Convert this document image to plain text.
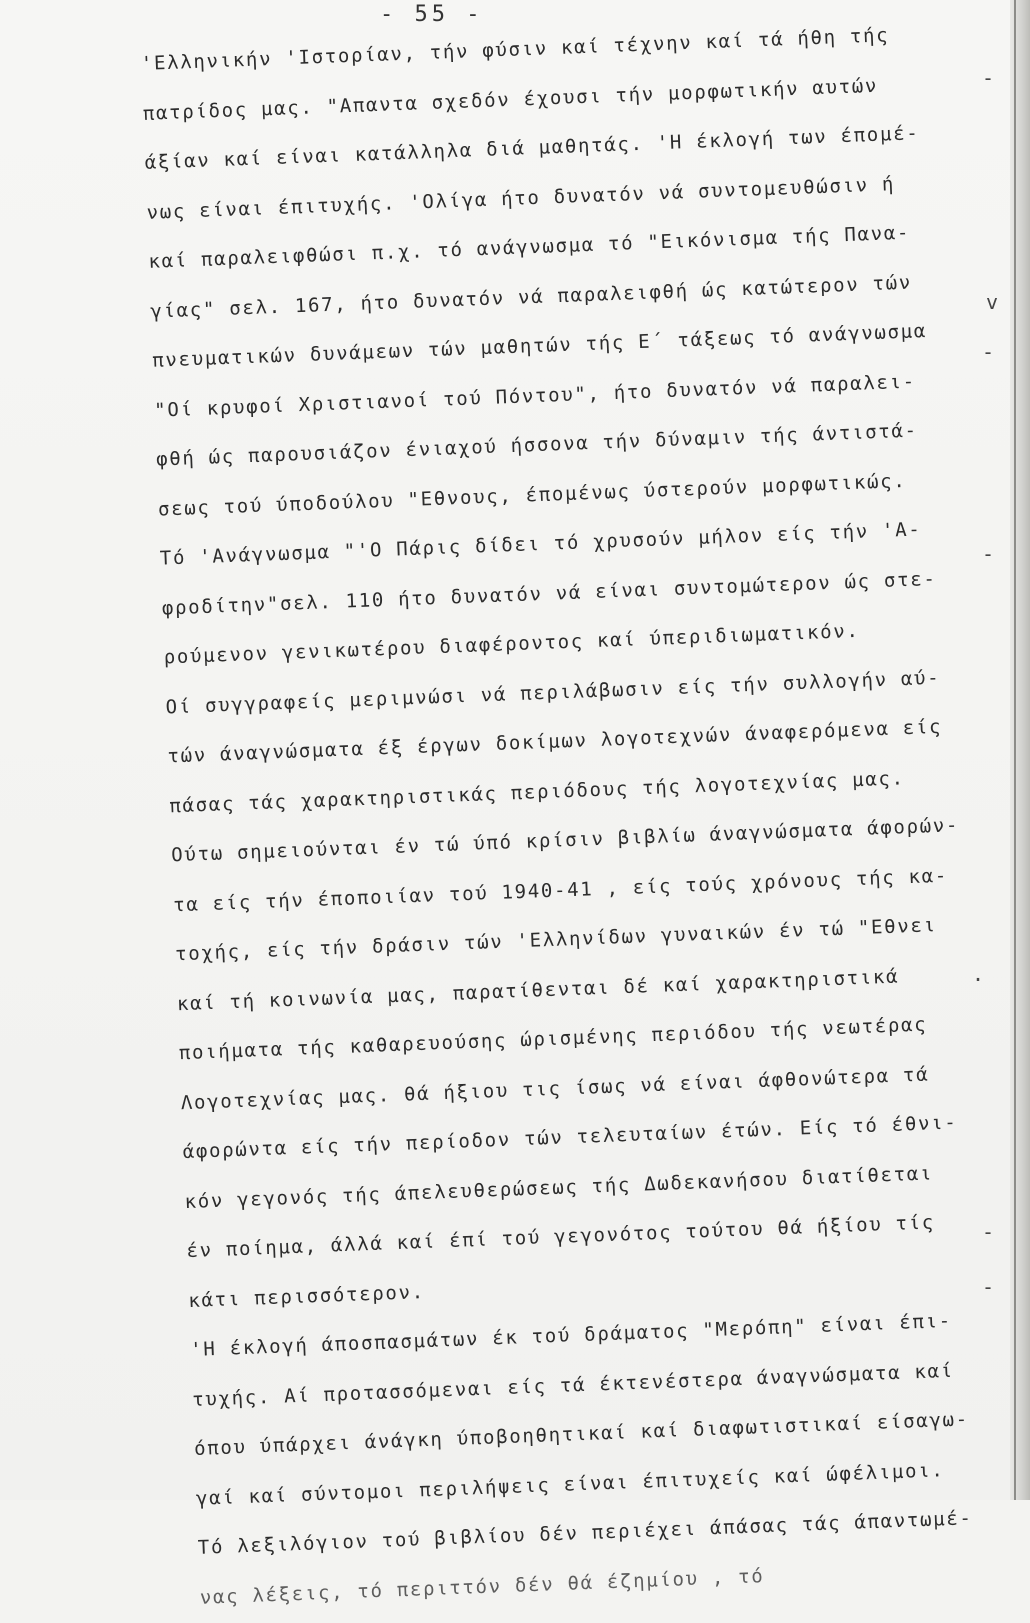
- 55 -
'Ελληνικήν 'Ιστορίαν, τήν φύσιν καί τέχνην καί τά ήθη τής
πατρίδος μας. "Απαντα σχεδόν έχουσι τήν μορφωτικήν αυτών
άξίαν καί είναι κατάλληλα διά μαθητάς. 'Η έκλογή των έπομέ-
νως είναι έπιτυχής. 'Ολίγα ήτο δυνατόν νά συντομευθώσιν ή
καί παραλειφθώσι π.χ. τό ανάγνωσμα τό "Εικόνισμα τής Πανα-
γίας" σελ. 167, ήτο δυνατόν νά παραλειφθή ώς κατώτερον τών
πνευματικών δυνάμεων τών μαθητών τής Ε΄ τάξεως τό ανάγνωσμα
"Οί κρυφοί Χριστιανοί τού Πόντου", ήτο δυνατόν νά παραλει-
φθή ώς παρουσιάζον ένιαχού ήσσονα τήν δύναμιν τής άντιστά-
σεως τού ύποδούλου "Εθνους, έπομένως ύστερούν μορφωτικώς.
Τό 'Ανάγνωσμα "'Ο Πάρις δίδει τό χρυσούν μήλον είς τήν 'Α-
φροδίτην"σελ. 110 ήτο δυνατόν νά είναι συντομώτερον ώς στε-
ρούμενον γενικωτέρου διαφέροντος καί ύπεριδιωματικόν.
Οί συγγραφείς μεριμνώσι νά περιλάβωσιν είς τήν συλλογήν αύ-
τών άναγνώσματα έξ έργων δοκίμων λογοτεχνών άναφερόμενα είς
πάσας τάς χαρακτηριστικάς περιόδους τής λογοτεχνίας μας.
Ούτω σημειούνται έν τώ ύπό κρίσιν βιβλίω άναγνώσματα άφορών-
τα είς τήν έποποιίαν τού 1940-41 , είς τούς χρόνους τής κα-
τοχής, είς τήν δράσιν τών 'Ελληνίδων γυναικών έν τώ "Εθνει
καί τή κοινωνία μας, παρατίθενται δέ καί χαρακτηριστικά
ποιήματα τής καθαρευούσης ώρισμένης περιόδου τής νεωτέρας
Λογοτεχνίας μας. θά ήξιου τις ίσως νά είναι άφθονώτερα τά
άφορώντα είς τήν περίοδον τών τελευταίων έτών. Είς τό έθνι-
κόν γεγονός τής άπελευθερώσεως τής Δωδεκανήσου διατίθεται
έν ποίημα, άλλά καί έπί τού γεγονότος τούτου θά ήξίου τίς
κάτι περισσότερον.
'Η έκλογή άποσπασμάτων έκ τού δράματος "Μερόπη" είναι έπι-
τυχής. Αί προτασσόμεναι είς τά έκτενέστερα άναγνώσματα καί
όπου ύπάρχει άνάγκη ύποβοηθητικαί καί διαφωτιστικαί είσαγω-
γαί καί σύντομοι περιλήψεις είναι έπιτυχείς καί ώφέλιμοι.
Τό λεξιλόγιον τού βιβλίου δέν περιέχει άπάσας τάς άπαντωμέ-
νας λέξεις, τό περιττόν δέν θά έζημίου , τό
-
-
v
-
-
-
.
